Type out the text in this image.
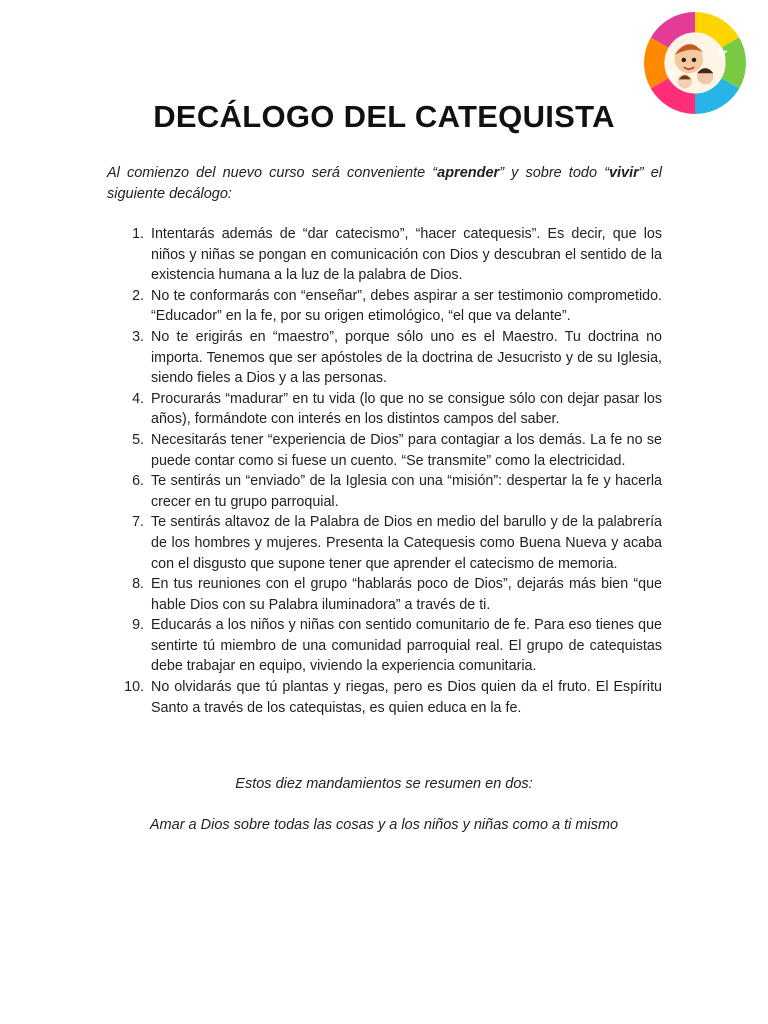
DECÁLOGO DEL CATEQUISTA
Al comienzo del nuevo curso será conveniente “aprender” y sobre todo “vivir” el siguiente decálogo:
1. Intentarás además de “dar catecismo”, “hacer catequesis”. Es decir, que los niños y niñas se pongan en comunicación con Dios y descubran el sentido de la existencia humana a la luz de la palabra de Dios.
2. No te conformarás con “enseñar”, debes aspirar a ser testimonio comprometido. “Educador” en la fe, por su origen etimológico, “el que va delante”.
3. No te erigirás en “maestro”, porque sólo uno es el Maestro. Tu doctrina no importa. Tenemos que ser apóstoles de la doctrina de Jesucristo y de su Iglesia, siendo fieles a Dios y a las personas.
4. Procurarás “madurar” en tu vida (lo que no se consigue sólo con dejar pasar los años), formándote con interés en los distintos campos del saber.
5. Necesitarás tener “experiencia de Dios” para contagiar a los demás. La fe no se puede contar como si fuese un cuento. “Se transmite” como la electricidad.
6. Te sentirás un “enviado” de la Iglesia con una “misión”: despertar la fe y hacerla crecer en tu grupo parroquial.
7. Te sentirás altavoz de la Palabra de Dios en medio del barullo y de la palabrería de los hombres y mujeres. Presenta la Catequesis como Buena Nueva y acaba con el disgusto que supone tener que aprender el catecismo de memoria.
8. En tus reuniones con el grupo “hablarás poco de Dios”, dejarás más bien “que hable Dios con su Palabra iluminadora” a través de ti.
9. Educarás a los niños y niñas con sentido comunitario de fe. Para eso tienes que sentirte tú miembro de una comunidad parroquial real. El grupo de catequistas debe trabajar en equipo, viviendo la experiencia comunitaria.
10. No olvidarás que tú plantas y riegas, pero es Dios quien da el fruto. El Espíritu Santo a través de los catequistas, es quien educa en la fe.
Estos diez mandamientos se resumen en dos:
Amar a Dios sobre todas las cosas y a los niños y niñas como a ti mismo
